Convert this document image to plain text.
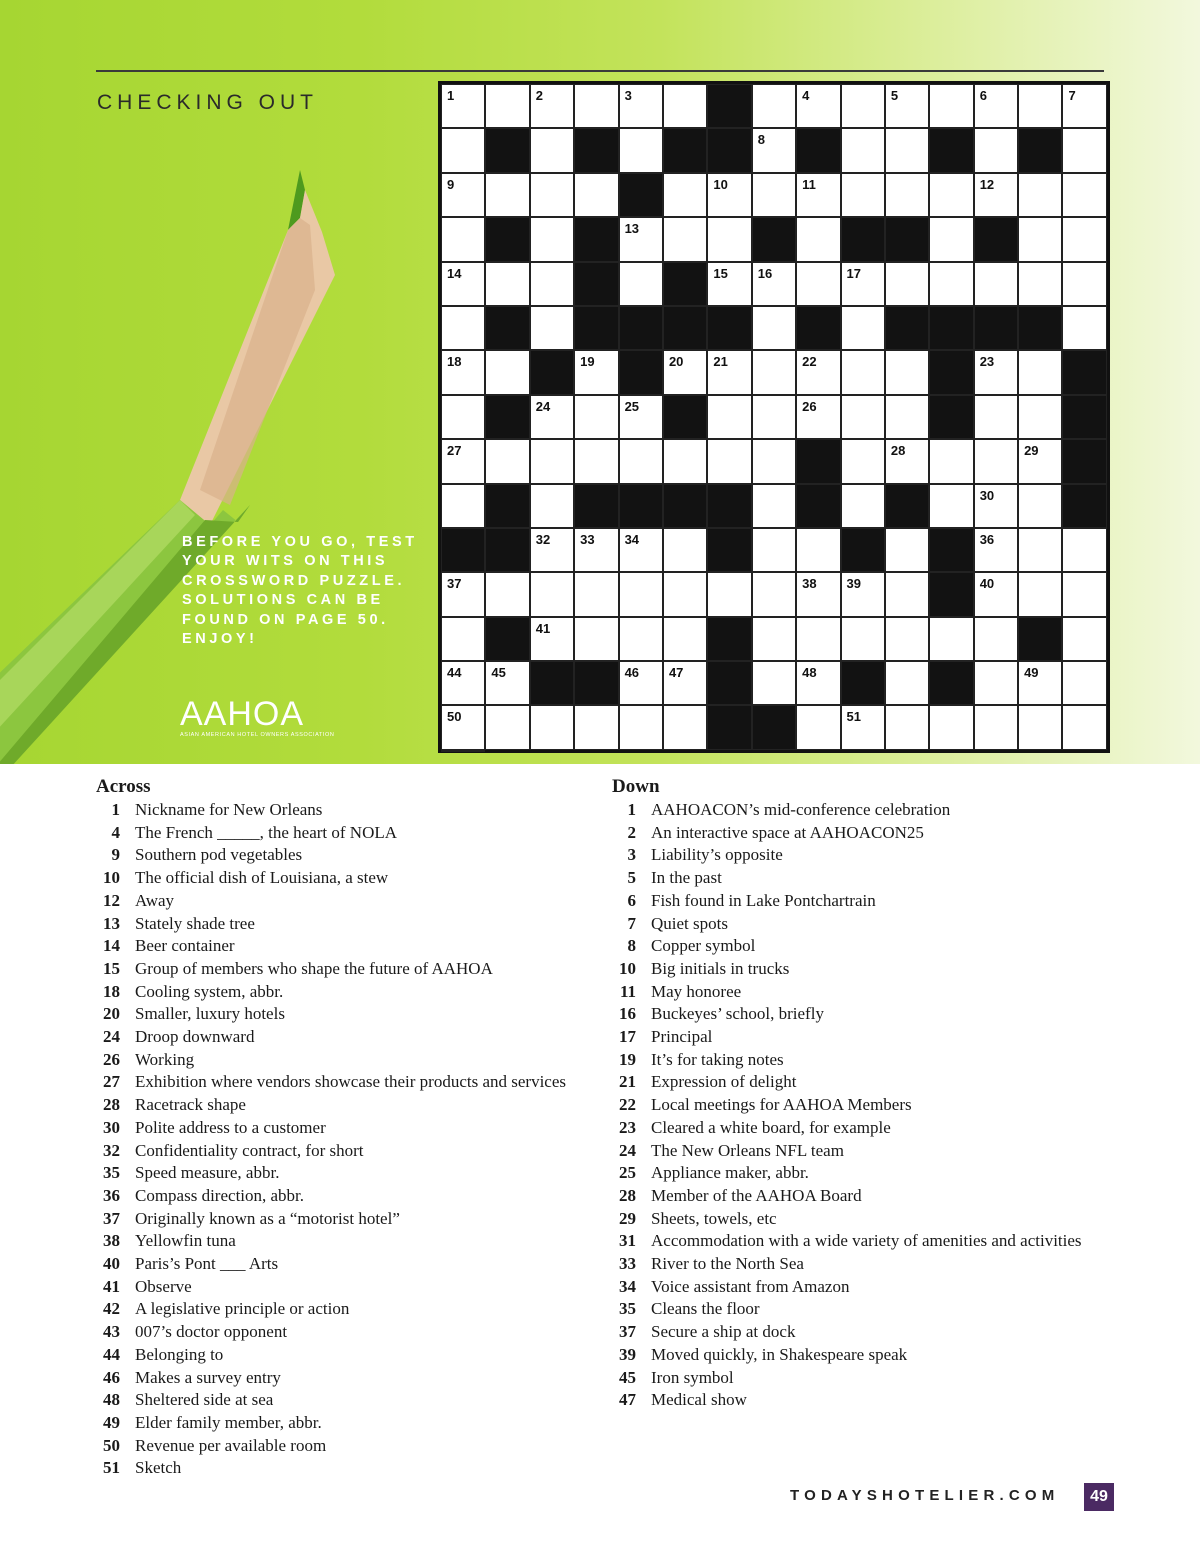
CHECKING OUT
BEFORE YOU GO, TEST YOUR WITS ON THIS CROSSWORD PUZZLE. SOLUTIONS CAN BE FOUND ON PAGE 50. ENJOY!
AAHOA
ASIAN AMERICAN HOTEL OWNERS ASSOCIATION
1	2	3	4	5	6	7
8
9	10	11	12
13
14	15 16	17
18	19	20 21	22	23
24	25	26
27	28	29
30
32 33 34	36
37	38 39	40
41
44 45	46 47	48	49
50	51
Across
1 Nickname for New Orleans
4 The French _____, the heart of NOLA
9 Southern pod vegetables
10 The official dish of Louisiana, a stew
12 Away
13 Stately shade tree
14 Beer container
15 Group of members who shape the future of AAHOA
18 Cooling system, abbr.
20 Smaller, luxury hotels
24 Droop downward
26 Working
27 Exhibition where vendors showcase their products and services
28 Racetrack shape
30 Polite address to a customer
32 Confidentiality contract, for short
35 Speed measure, abbr.
36 Compass direction, abbr.
37 Originally known as a “motorist hotel”
38 Yellowfin tuna
40 Paris’s Pont ___ Arts
41 Observe
42 A legislative principle or action
43 007’s doctor opponent
44 Belonging to
46 Makes a survey entry
48 Sheltered side at sea
49 Elder family member, abbr.
50 Revenue per available room
51 Sketch
Down
1 AAHOACON’s mid-conference celebration
2 An interactive space at AAHOACON25
3 Liability’s opposite
5 In the past
6 Fish found in Lake Pontchartrain
7 Quiet spots
8 Copper symbol
10 Big initials in trucks
11 May honoree
16 Buckeyes’ school, briefly
17 Principal
19 It’s for taking notes
21 Expression of delight
22 Local meetings for AAHOA Members
23 Cleared a white board, for example
24 The New Orleans NFL team
25 Appliance maker, abbr.
28 Member of the AAHOA Board
29 Sheets, towels, etc
31 Accommodation with a wide variety of amenities and activities
33 River to the North Sea
34 Voice assistant from Amazon
35 Cleans the floor
37 Secure a ship at dock
39 Moved quickly, in Shakespeare speak
45 Iron symbol
47 Medical show
TODAYSHOTELIER.COM	49
